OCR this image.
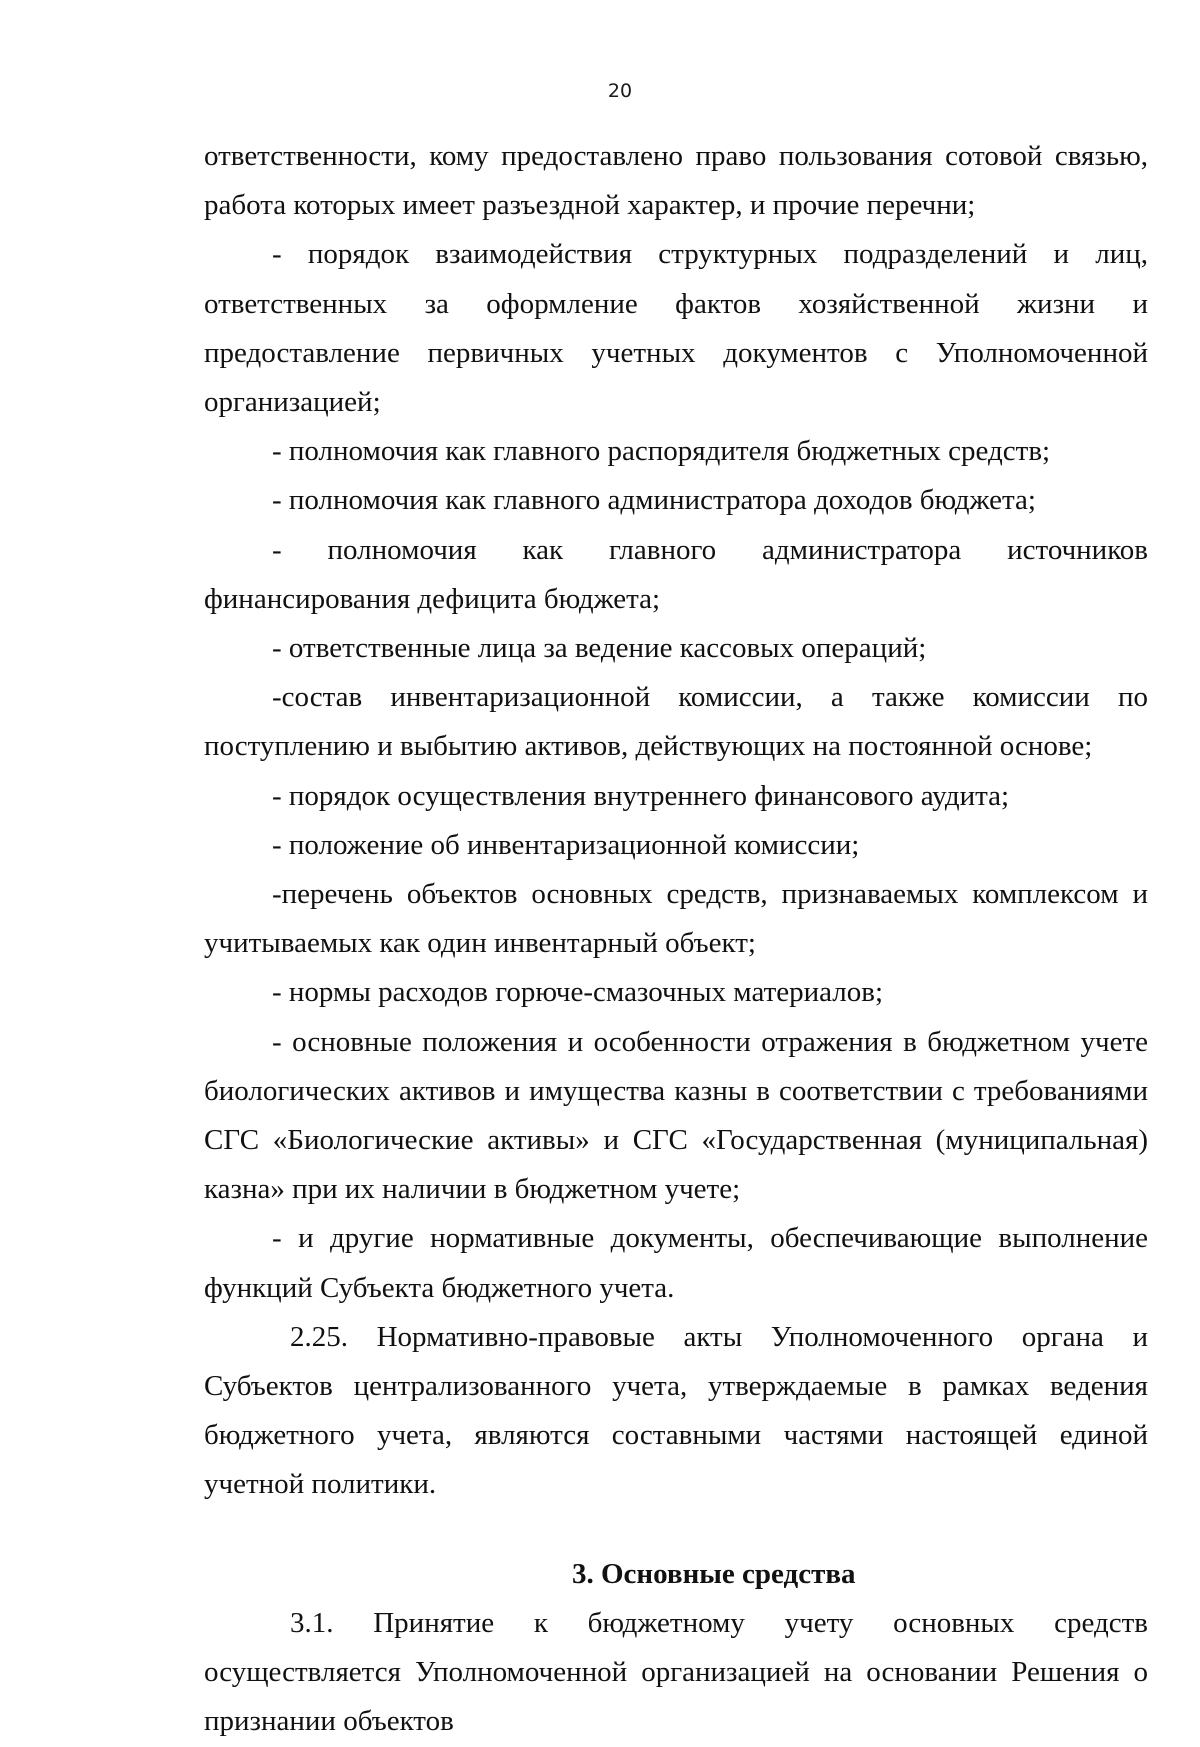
20

ответственности, кому предоставлено право пользования сотовой связью, работа которых имеет разъездной характер, и прочие перечни;

- порядок взаимодействия структурных подразделений и лиц, ответственных за оформление фактов хозяйственной жизни и предоставление первичных учетных документов с Уполномоченной организацией;

- полномочия как главного распорядителя бюджетных средств;

- полномочия как главного администратора доходов бюджета;

- полномочия как главного администратора источников финансирования дефицита бюджета;

- ответственные лица за ведение кассовых операций;

-состав инвентаризационной комиссии, а также комиссии по поступлению и выбытию активов, действующих на постоянной основе;

- порядок осуществления внутреннего финансового аудита;

- положение об инвентаризационной комиссии;

-перечень объектов основных средств, признаваемых комплексом и учитываемых как один инвентарный объект;

- нормы расходов горюче-смазочных материалов;

- основные положения и особенности отражения в бюджетном учете биологических активов и имущества казны в соответствии с требованиями СГС «Биологические активы» и СГС «Государственная (муниципальная) казна» при их наличии в бюджетном учете;

- и другие нормативные документы, обеспечивающие выполнение функций Субъекта бюджетного учета.

2.25. Нормативно-правовые акты Уполномоченного органа и Субъектов централизованного учета, утверждаемые в рамках ведения бюджетного учета, являются составными частями настоящей единой учетной политики.

3. Основные средства

3.1. Принятие к бюджетному учету основных средств осуществляется Уполномоченной организацией на основании Решения о признании объектов
